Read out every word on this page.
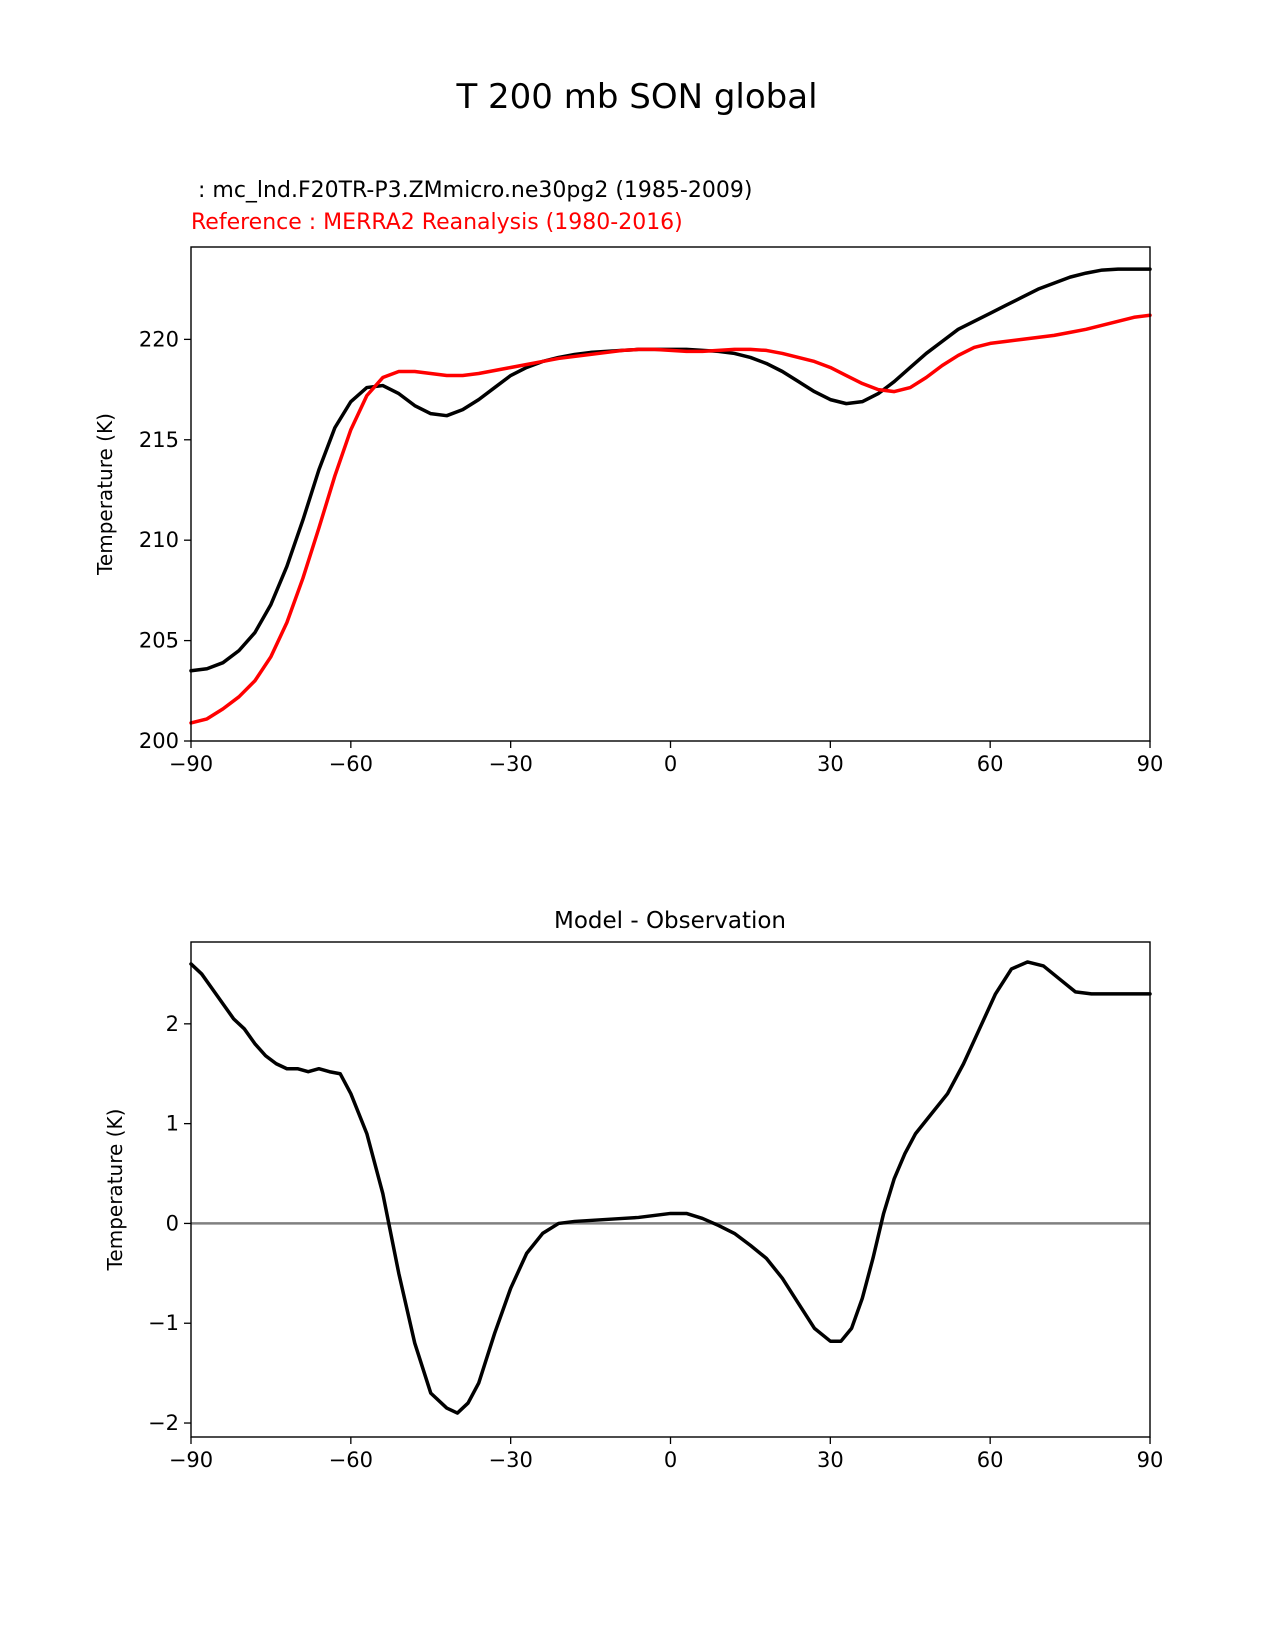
T 200 mb SON global
: mc_lnd.F20TR-P3.ZMmicro.ne30pg2 (1985-2009)
Reference : MERRA2 Reanalysis (1980-2016)
−90	−60	−30	0	30	60	90
200
205
210
215
220
Temperature (K)
Model - Observation
−90	−60	−30	0	30	60	90
−2
−1
0
1
2
Temperature (K)
